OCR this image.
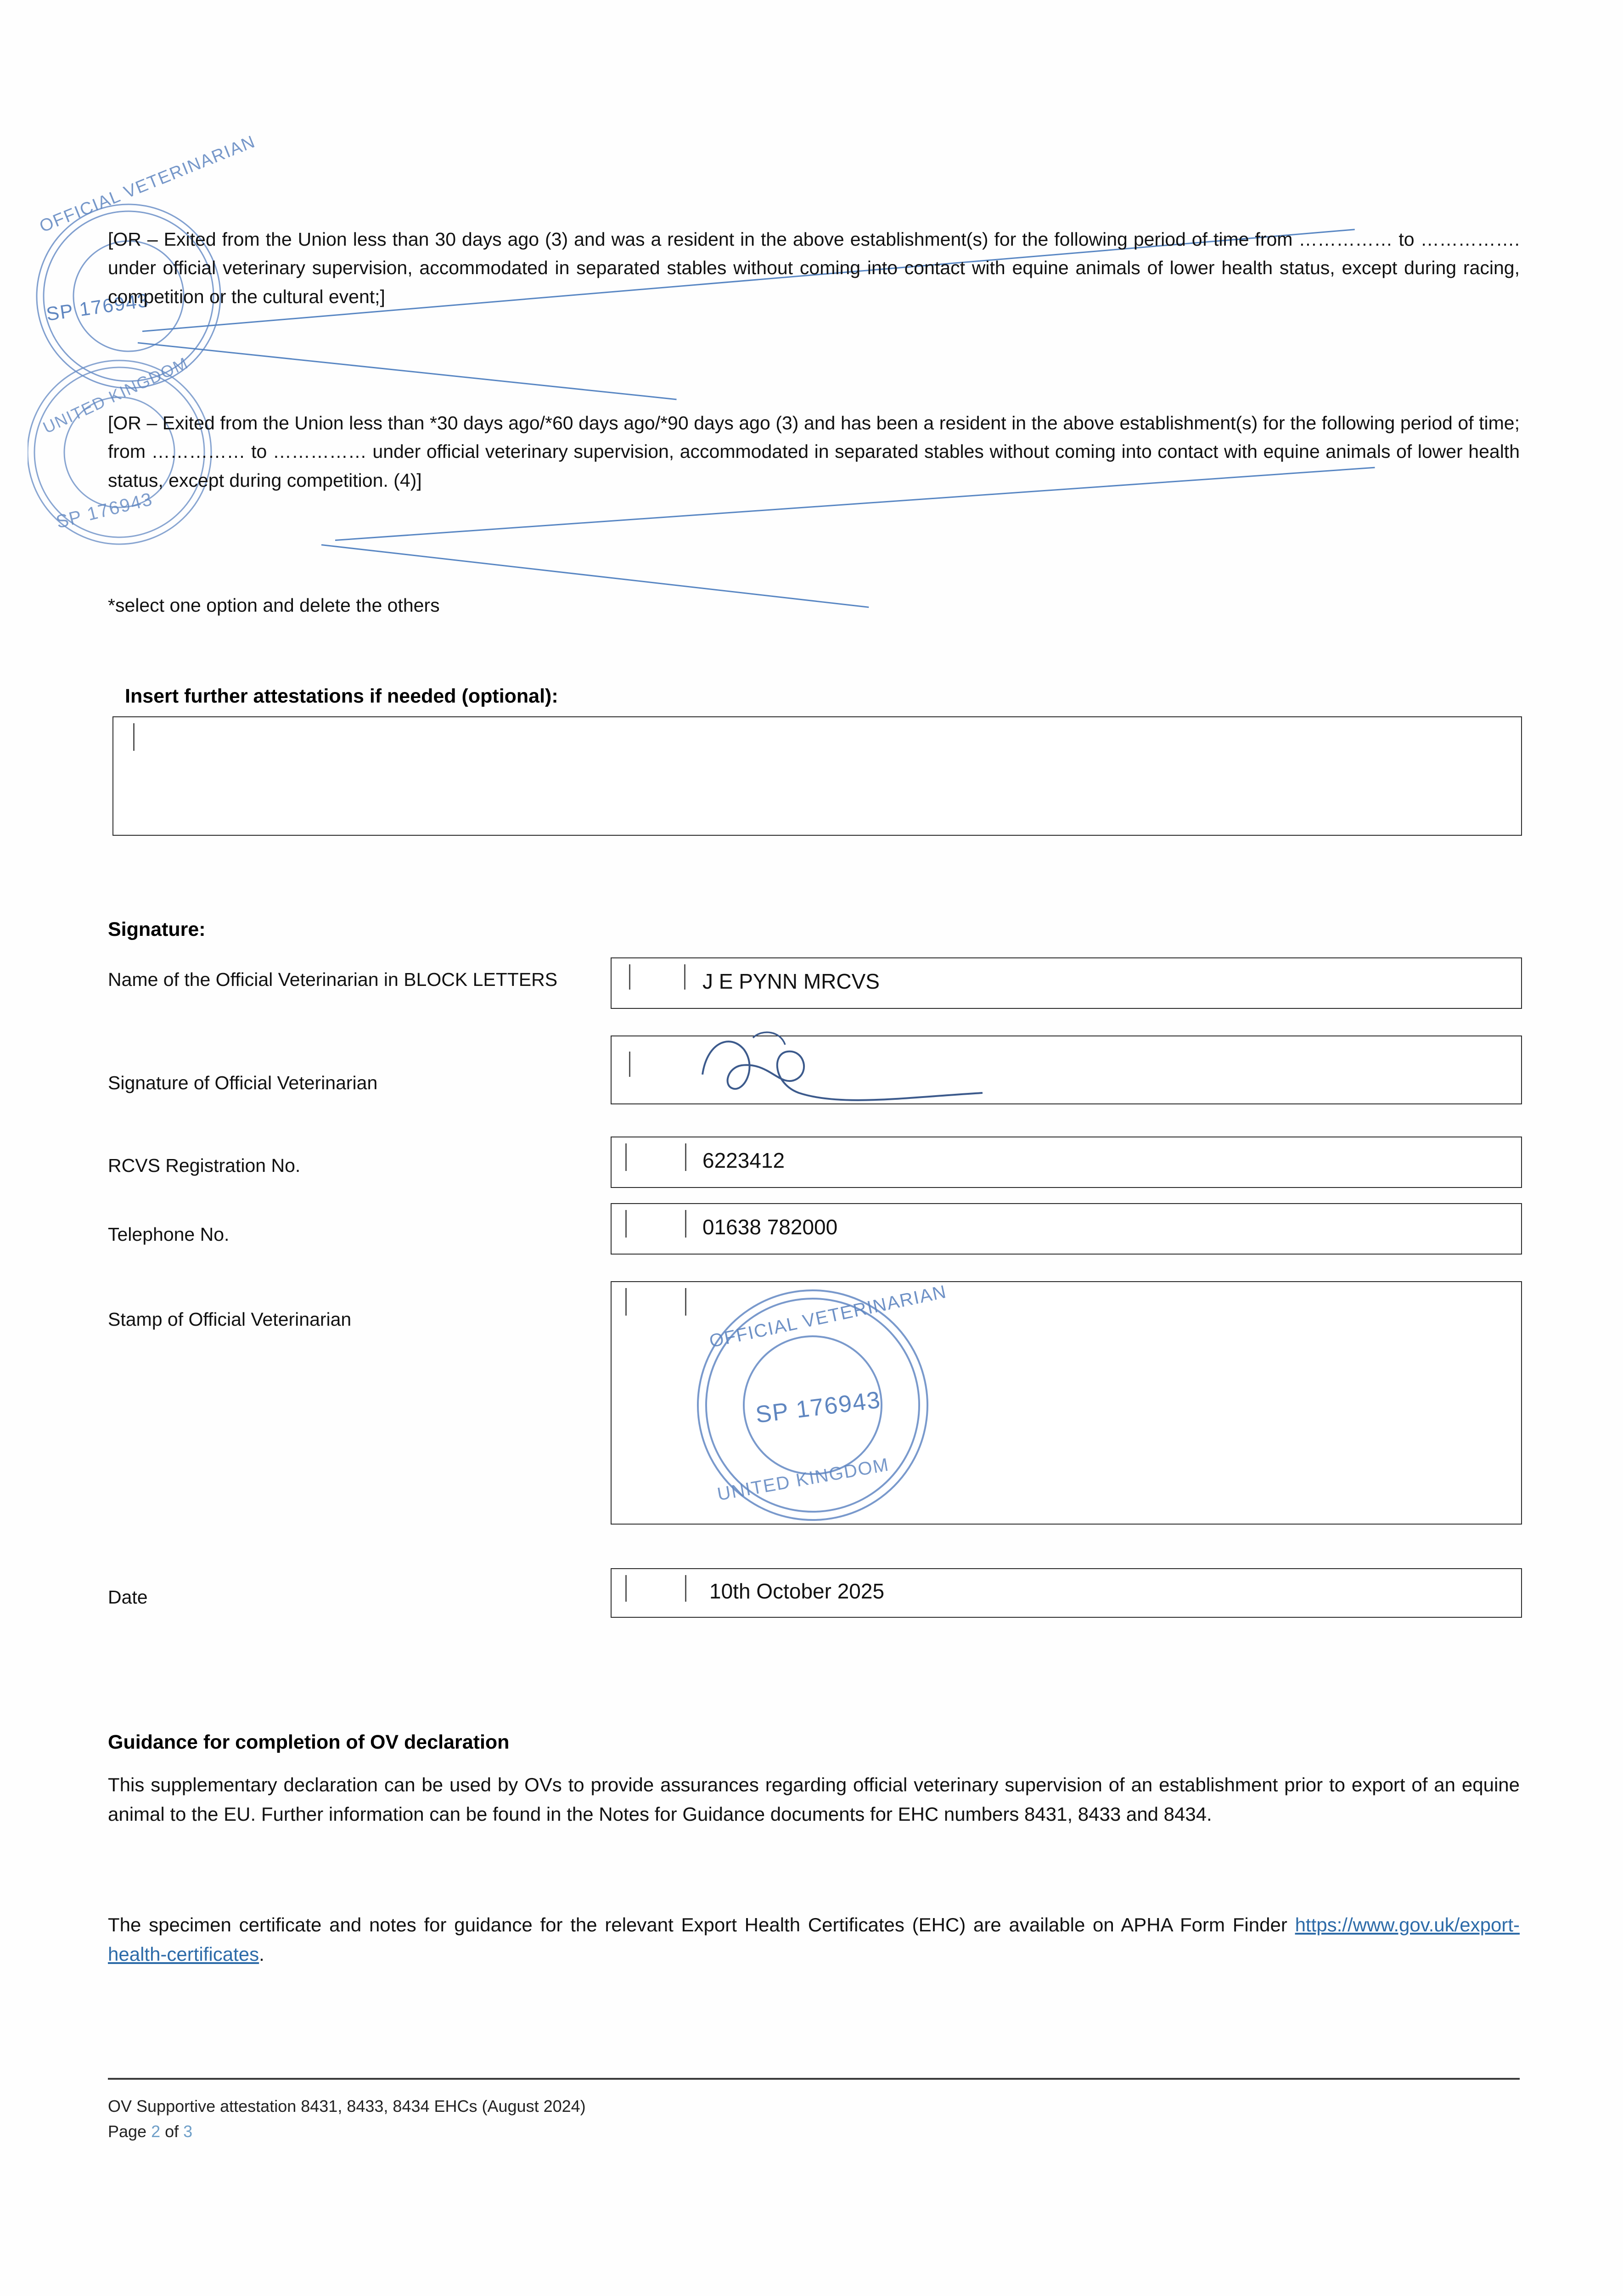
SP 176943
OFFICIAL VETERINARIAN
UNITED KINGDOM
SP 176943
[OR – Exited from the Union less than 30 days ago (3) and was a resident in the above establishment(s) for the following period of time from …………… to ……………. under official veterinary supervision, accommodated in separated stables without coming into contact with equine animals of lower health status, except during racing, competition or the cultural event;]
[OR – Exited from the Union less than *30 days ago/*60 days ago/*90 days ago (3) and has been a resident in the above establishment(s) for the following period of time; from …………… to …………… under official veterinary supervision, accommodated in separated stables without coming into contact with equine animals of lower health status, except during competition. (4)]
*select one option and delete the others
Insert further attestations if needed (optional):
Signature:
Name of the Official Veterinarian in BLOCK LETTERS	J E PYNN MRCVS
Signature of Official Veterinarian
RCVS Registration No.	6223412
Telephone No.	01638 782000
Stamp of Official Veterinarian	OFFICIAL VETERINARIAN
SP 176943
UNITED KINGDOM
Date	10th October 2025
Guidance for completion of OV declaration
This supplementary declaration can be used by OVs to provide assurances regarding official veterinary supervision of an establishment prior to export of an equine animal to the EU. Further information can be found in the Notes for Guidance documents for EHC numbers 8431, 8433 and 8434.
The specimen certificate and notes for guidance for the relevant Export Health Certificates (EHC) are available on APHA Form Finder https://www.gov.uk/export-health-certificates.
OV Supportive attestation 8431, 8433, 8434 EHCs (August 2024)
Page 2 of 3
